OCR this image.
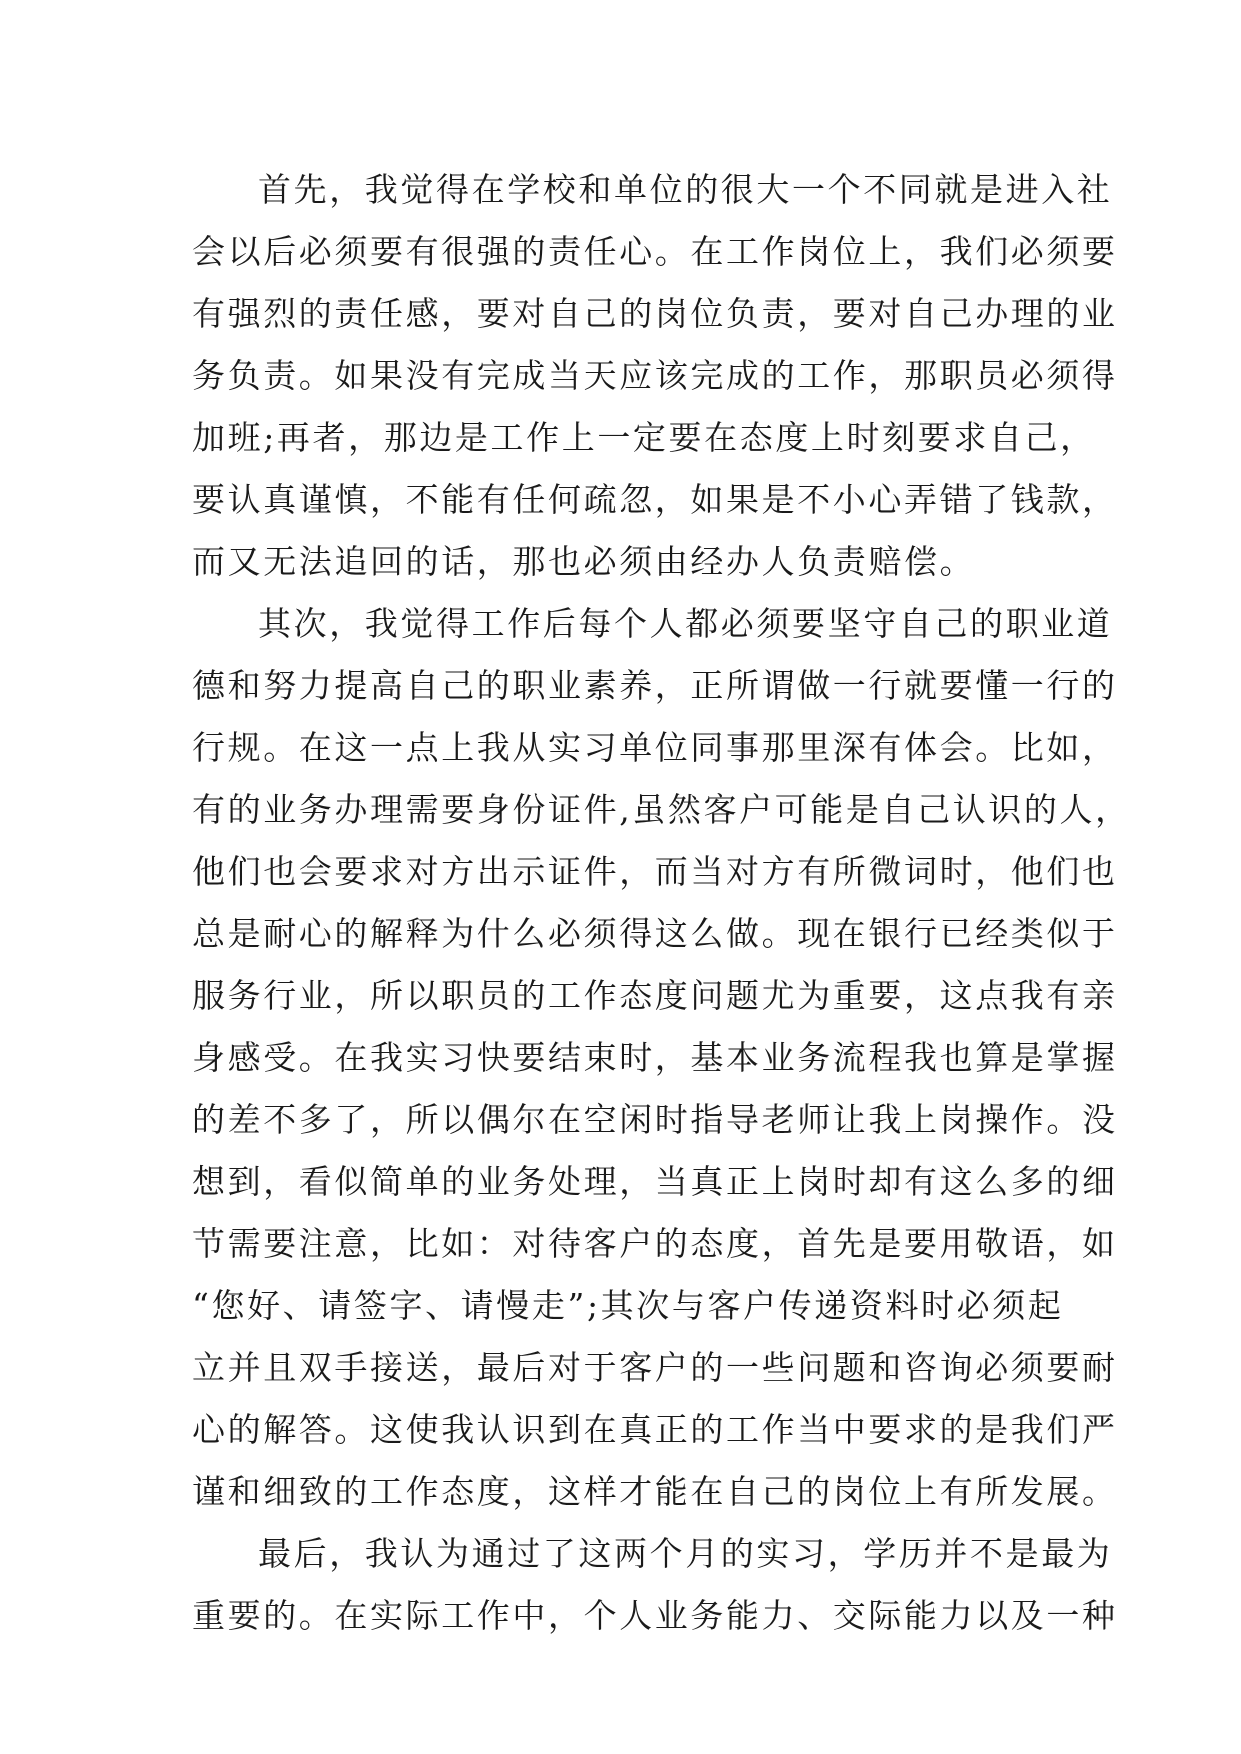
首先，我觉得在学校和单位的很大一个不同就是进入社
会以后必须要有很强的责任心。在工作岗位上，我们必须要
有强烈的责任感，要对自己的岗位负责，要对自己办理的业
务负责。如果没有完成当天应该完成的工作，那职员必须得
加班;再者，那边是工作上一定要在态度上时刻要求自己，
要认真谨慎，不能有任何疏忽，如果是不小心弄错了钱款，
而又无法追回的话，那也必须由经办人负责赔偿。
其次，我觉得工作后每个人都必须要坚守自己的职业道
德和努力提高自己的职业素养，正所谓做一行就要懂一行的
行规。在这一点上我从实习单位同事那里深有体会。比如，
有的业务办理需要身份证件,虽然客户可能是自己认识的人，
他们也会要求对方出示证件，而当对方有所微词时，他们也
总是耐心的解释为什么必须得这么做。现在银行已经类似于
服务行业，所以职员的工作态度问题尤为重要，这点我有亲
身感受。在我实习快要结束时，基本业务流程我也算是掌握
的差不多了，所以偶尔在空闲时指导老师让我上岗操作。没
想到，看似简单的业务处理，当真正上岗时却有这么多的细
节需要注意，比如：对待客户的态度，首先是要用敬语，如
“您好、请签字、请慢走”;其次与客户传递资料时必须起
立并且双手接送，最后对于客户的一些问题和咨询必须要耐
心的解答。这使我认识到在真正的工作当中要求的是我们严
谨和细致的工作态度，这样才能在自己的岗位上有所发展。
最后，我认为通过了这两个月的实习，学历并不是最为
重要的。在实际工作中，个人业务能力、交际能力以及一种
